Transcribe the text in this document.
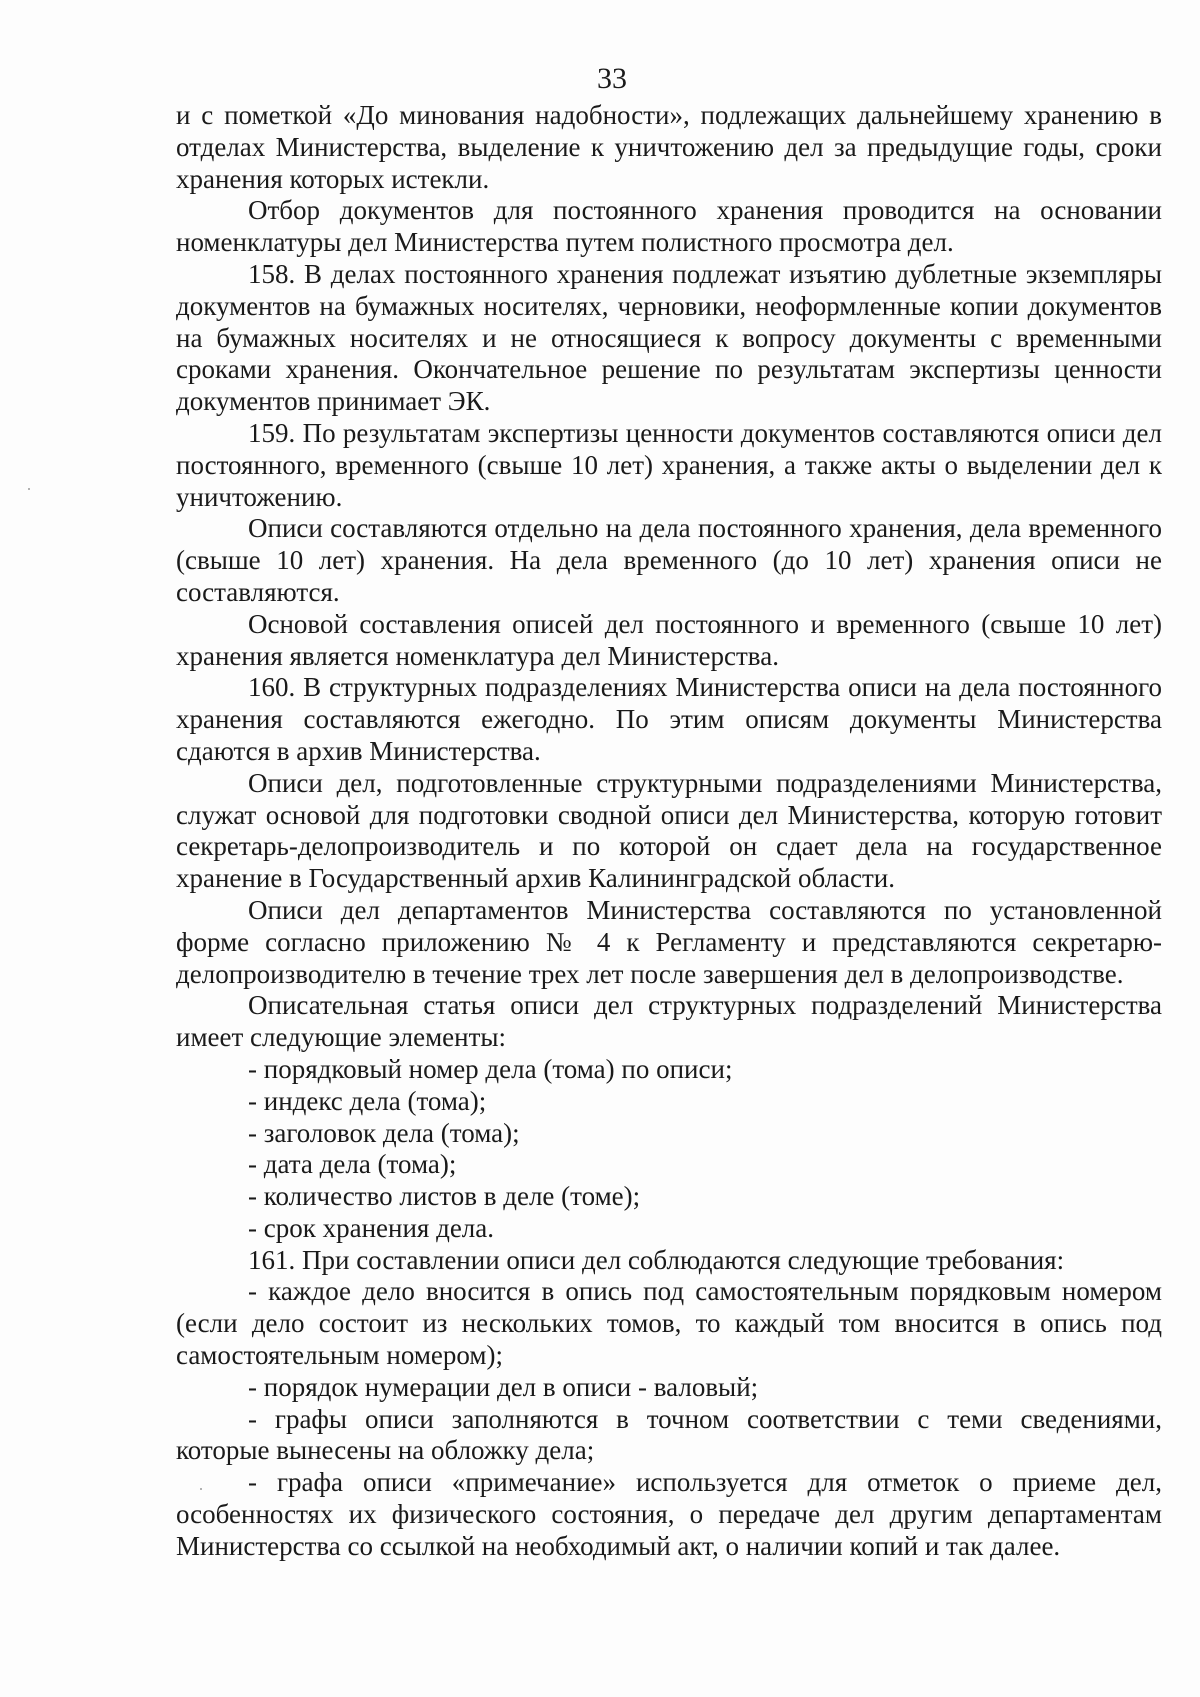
33

и с пометкой «До минования надобности», подлежащих дальнейшему хранению в отделах Министерства, выделение к уничтожению дел за предыдущие годы, сроки хранения которых истекли.

Отбор документов для постоянного хранения проводится на основании номенклатуры дел Министерства путем полистного просмотра дел.

158. В делах постоянного хранения подлежат изъятию дублетные экземпляры документов на бумажных носителях, черновики, неоформленные копии документов на бумажных носителях и не относящиеся к вопросу документы с временными сроками хранения. Окончательное решение по результатам экспертизы ценности документов принимает ЭК.

159. По результатам экспертизы ценности документов составляются описи дел постоянного, временного (свыше 10 лет) хранения, а также акты о выделении дел к уничтожению.

Описи составляются отдельно на дела постоянного хранения, дела временного (свыше 10 лет) хранения. На дела временного (до 10 лет) хранения описи не составляются.

Основой составления описей дел постоянного и временного (свыше 10 лет) хранения является номенклатура дел Министерства.

160. В структурных подразделениях Министерства описи на дела постоянного хранения составляются ежегодно. По этим описям документы Министерства сдаются в архив Министерства.

Описи дел, подготовленные структурными подразделениями Министерства, служат основой для подготовки сводной описи дел Министерства, которую готовит секретарь-делопроизводитель и по которой он сдает дела на государственное хранение в Государственный архив Калининградской области.

Описи дел департаментов Министерства составляются по установленной форме согласно приложению № 4 к Регламенту и представляются секретарю-делопроизводителю в течение трех лет после завершения дел в делопроизводстве.

Описательная статья описи дел структурных подразделений Министерства имеет следующие элементы:

- порядковый номер дела (тома) по описи;

- индекс дела (тома);

- заголовок дела (тома);

- дата дела (тома);

- количество листов в деле (томе);

- срок хранения дела.

161. При составлении описи дел соблюдаются следующие требования:

- каждое дело вносится в опись под самостоятельным порядковым номером (если дело состоит из нескольких томов, то каждый том вносится в опись под самостоятельным номером);

- порядок нумерации дел в описи - валовый;

- графы описи заполняются в точном соответствии с теми сведениями, которые вынесены на обложку дела;

- графа описи «примечание» используется для отметок о приеме дел, особенностях их физического состояния, о передаче дел другим департаментам Министерства со ссылкой на необходимый акт, о наличии копий и так далее.
